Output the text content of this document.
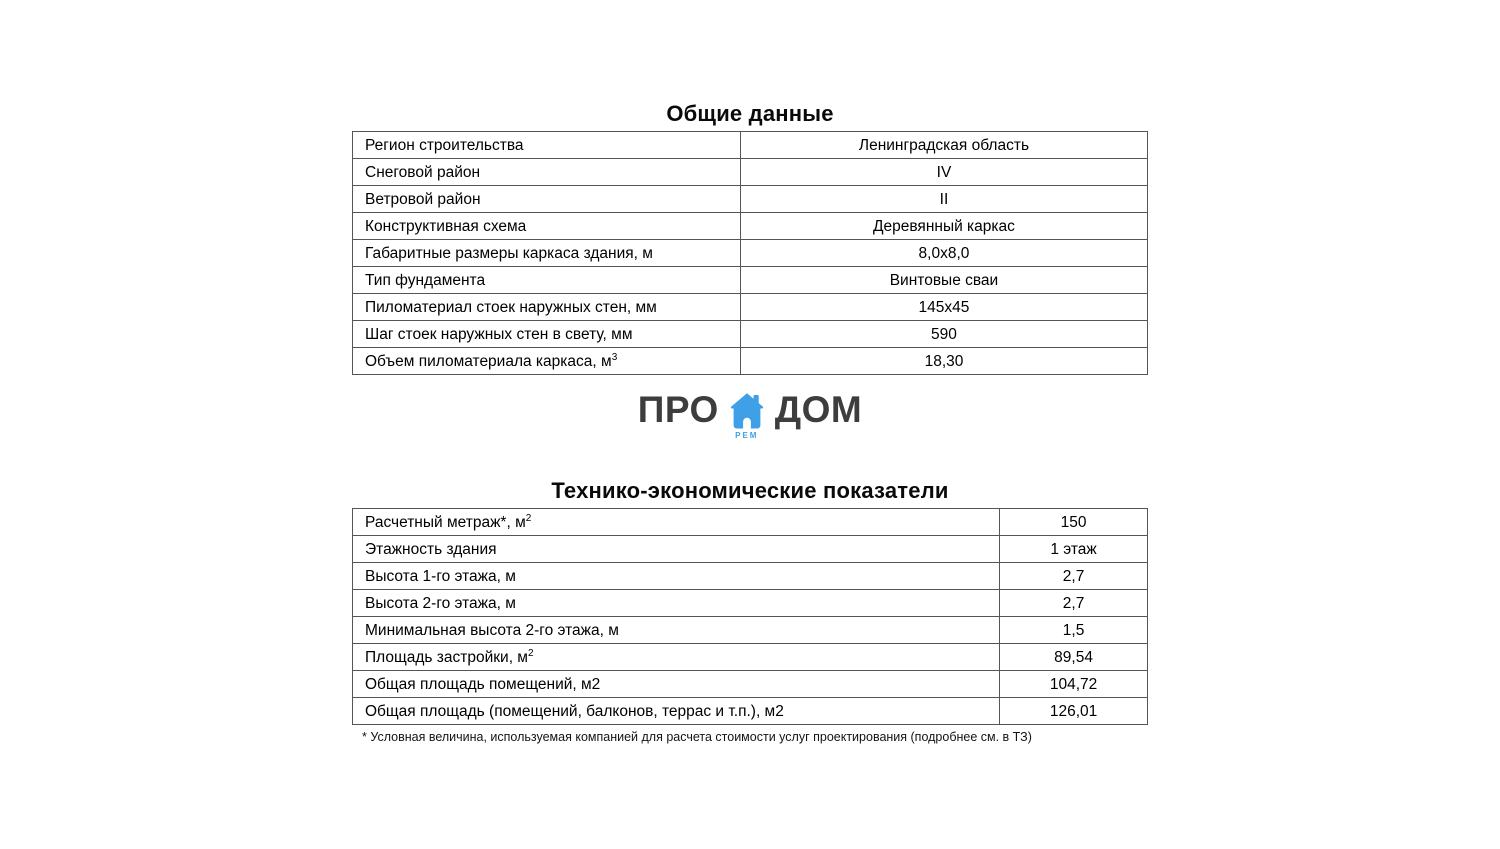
Общие данные
Регион строительства	Ленинградская область
Снеговой район	IV
Ветровой район	II
Конструктивная схема	Деревянный каркас
Габаритные размеры каркаса здания, м	8,0х8,0
Тип фундамента	Винтовые сваи
Пиломатериал стоек наружных стен, мм	145х45
Шаг стоек наружных стен в свету, мм	590
Объем пиломатериала каркаса, $м^3$	18,30
ПРО
РЕМ
ДОМ
Технико-экономические показатели
Расчетный метраж*, $м^2$	150
Этажность здания	1 этаж
Высота 1-го этажа, м	2,7
Высота 2-го этажа, м	2,7
Минимальная высота 2-го этажа, м	1,5
Площадь застройки, $м^2$	89,54
Общая площадь помещений, м2	104,72
Общая площадь (помещений, балконов, террас и т.п.), м2	126,01
* Условная величина, используемая компанией для расчета стоимости услуг проектирования (подробнее см. в ТЗ)
